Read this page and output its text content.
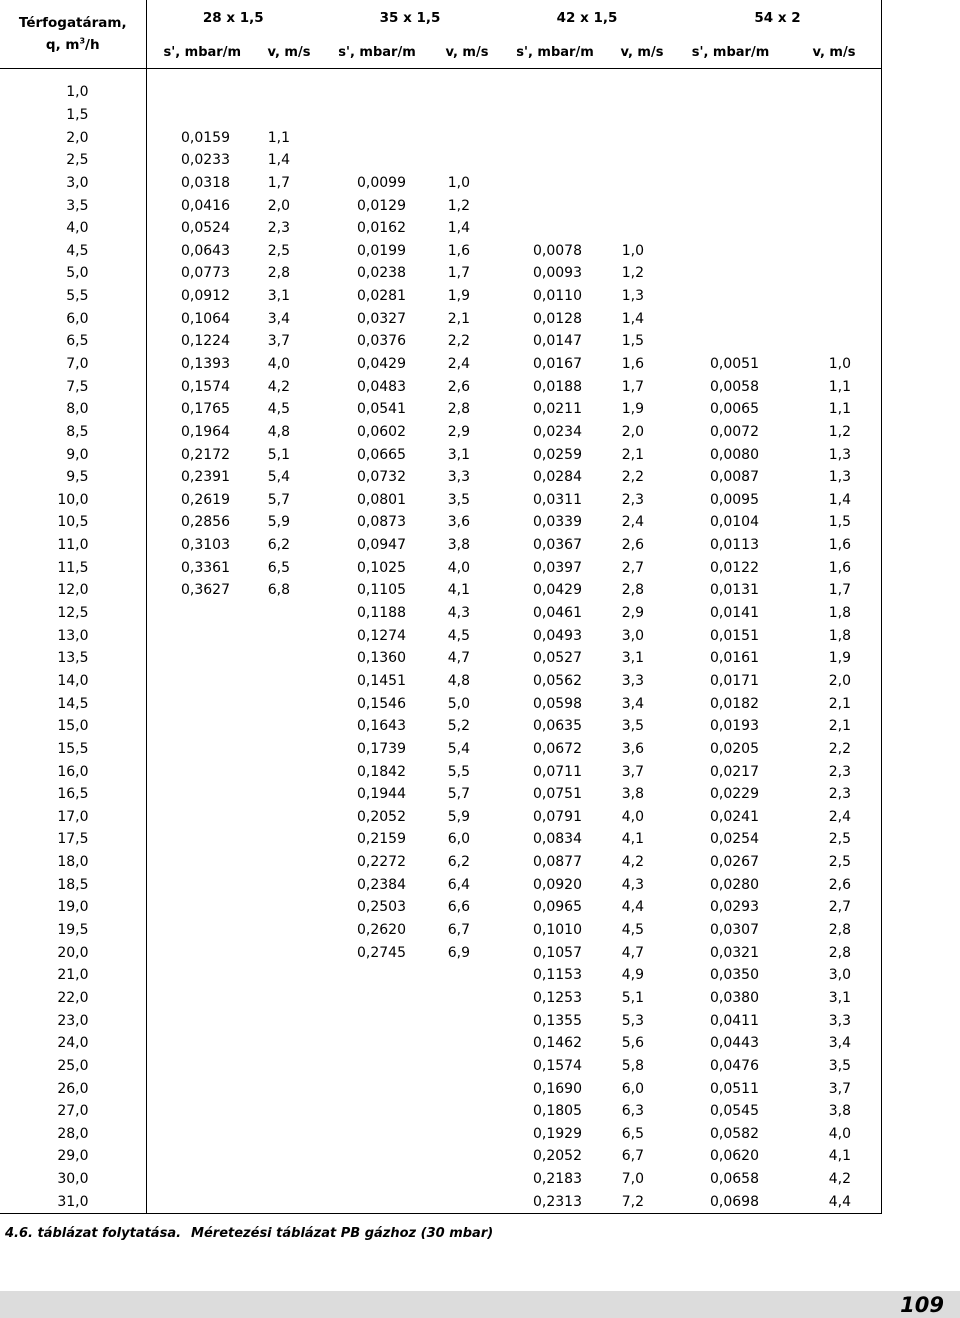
Térfogatáram,
q, $m^3/h$	28 x 1,5		35 x 1,5		42 x 1,5		54 x 2	
	s', mbar/m	v, m/s	s', mbar/m	v, m/s	s', mbar/m	v, m/s	s', mbar/m	v, m/s

1,0								
1,5								
2,0	0,0159	1,1						
2,5	0,0233	1,4						
3,0	0,0318	1,7	0,0099	1,0				
3,5	0,0416	2,0	0,0129	1,2				
4,0	0,0524	2,3	0,0162	1,4				
4,5	0,0643	2,5	0,0199	1,6	0,0078	1,0		
5,0	0,0773	2,8	0,0238	1,7	0,0093	1,2		
5,5	0,0912	3,1	0,0281	1,9	0,0110	1,3		
6,0	0,1064	3,4	0,0327	2,1	0,0128	1,4		
6,5	0,1224	3,7	0,0376	2,2	0,0147	1,5		
7,0	0,1393	4,0	0,0429	2,4	0,0167	1,6	0,0051	1,0
7,5	0,1574	4,2	0,0483	2,6	0,0188	1,7	0,0058	1,1
8,0	0,1765	4,5	0,0541	2,8	0,0211	1,9	0,0065	1,1
8,5	0,1964	4,8	0,0602	2,9	0,0234	2,0	0,0072	1,2
9,0	0,2172	5,1	0,0665	3,1	0,0259	2,1	0,0080	1,3
9,5	0,2391	5,4	0,0732	3,3	0,0284	2,2	0,0087	1,3
10,0	0,2619	5,7	0,0801	3,5	0,0311	2,3	0,0095	1,4
10,5	0,2856	5,9	0,0873	3,6	0,0339	2,4	0,0104	1,5
11,0	0,3103	6,2	0,0947	3,8	0,0367	2,6	0,0113	1,6
11,5	0,3361	6,5	0,1025	4,0	0,0397	2,7	0,0122	1,6
12,0	0,3627	6,8	0,1105	4,1	0,0429	2,8	0,0131	1,7
12,5			0,1188	4,3	0,0461	2,9	0,0141	1,8
13,0			0,1274	4,5	0,0493	3,0	0,0151	1,8
13,5			0,1360	4,7	0,0527	3,1	0,0161	1,9
14,0			0,1451	4,8	0,0562	3,3	0,0171	2,0
14,5			0,1546	5,0	0,0598	3,4	0,0182	2,1
15,0			0,1643	5,2	0,0635	3,5	0,0193	2,1
15,5			0,1739	5,4	0,0672	3,6	0,0205	2,2
16,0			0,1842	5,5	0,0711	3,7	0,0217	2,3
16,5			0,1944	5,7	0,0751	3,8	0,0229	2,3
17,0			0,2052	5,9	0,0791	4,0	0,0241	2,4
17,5			0,2159	6,0	0,0834	4,1	0,0254	2,5
18,0			0,2272	6,2	0,0877	4,2	0,0267	2,5
18,5			0,2384	6,4	0,0920	4,3	0,0280	2,6
19,0			0,2503	6,6	0,0965	4,4	0,0293	2,7
19,5			0,2620	6,7	0,1010	4,5	0,0307	2,8
20,0			0,2745	6,9	0,1057	4,7	0,0321	2,8
21,0					0,1153	4,9	0,0350	3,0
22,0					0,1253	5,1	0,0380	3,1
23,0					0,1355	5,3	0,0411	3,3
24,0					0,1462	5,6	0,0443	3,4
25,0					0,1574	5,8	0,0476	3,5
26,0					0,1690	6,0	0,0511	3,7
27,0					0,1805	6,3	0,0545	3,8
28,0					0,1929	6,5	0,0582	4,0
29,0					0,2052	6,7	0,0620	4,1
30,0					0,2183	7,0	0,0658	4,2
31,0					0,2313	7,2	0,0698	4,4
4.6. táblázat folytatása. Méretezési táblázat PB gázhoz (30 mbar)
109
